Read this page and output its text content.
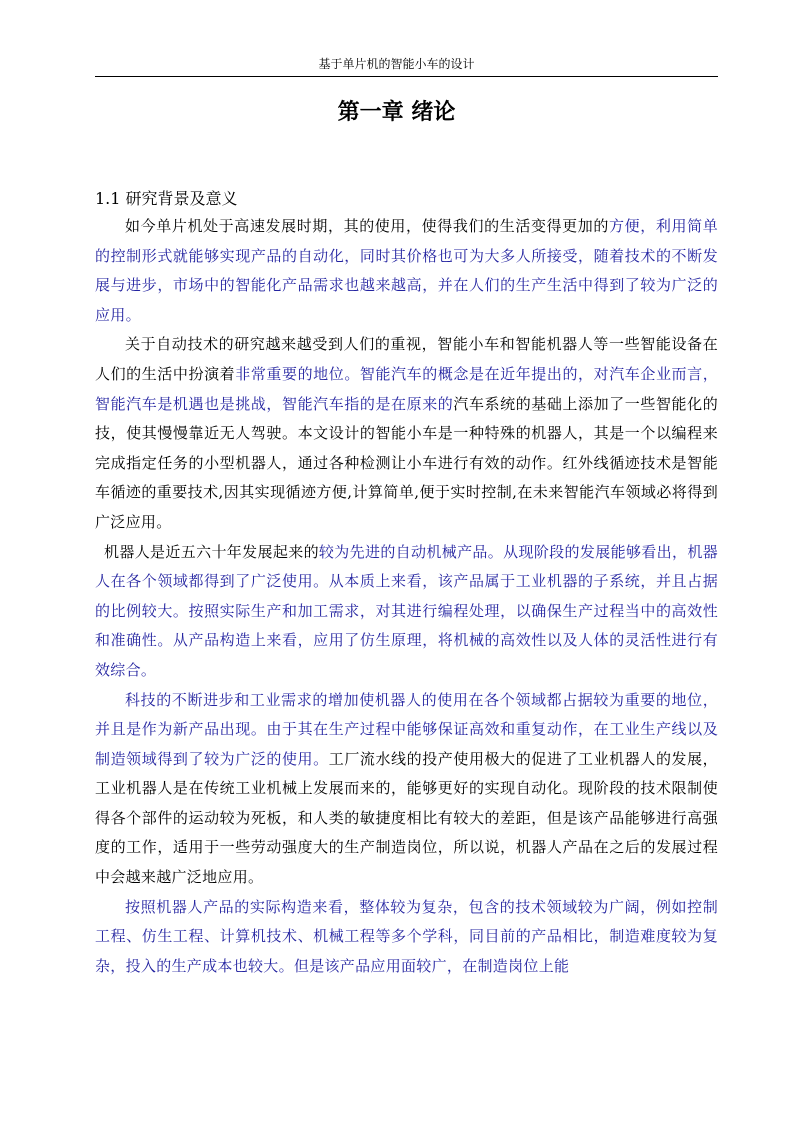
基于单片机的智能小车的设计
第一章 绪论
1.1 研究背景及意义

如今单片机处于高速发展时期，其的使用，使得我们的生活变得更加的方便，利用简单的控制形式就能够实现产品的自动化，同时其价格也可为大多人所接受，随着技术的不断发展与进步，市场中的智能化产品需求也越来越高，并在人们的生产生活中得到了较为广泛的应用。

关于自动技术的研究越来越受到人们的重视，智能小车和智能机器人等一些智能设备在人们的生活中扮演着非常重要的地位。智能汽车的概念是在近年提出的，对汽车企业而言，智能汽车是机遇也是挑战，智能汽车指的是在原来的汽车系统的基础上添加了一些智能化的技，使其慢慢靠近无人驾驶。本文设计的智能小车是一种特殊的机器人，其是一个以编程来完成指定任务的小型机器人，通过各种检测让小车进行有效的动作。红外线循迹技术是智能车循迹的重要技术,因其实现循迹方便,计算简单,便于实时控制,在未来智能汽车领域必将得到广泛应用。

机器人是近五六十年发展起来的较为先进的自动机械产品。从现阶段的发展能够看出，机器人在各个领域都得到了广泛使用。从本质上来看，该产品属于工业机器的子系统，并且占据的比例较大。按照实际生产和加工需求，对其进行编程处理，以确保生产过程当中的高效性和准确性。从产品构造上来看，应用了仿生原理，将机械的高效性以及人体的灵活性进行有效综合。

科技的不断进步和工业需求的增加使机器人的使用在各个领域都占据较为重要的地位，并且是作为新产品出现。由于其在生产过程中能够保证高效和重复动作，在工业生产线以及制造领域得到了较为广泛的使用。工厂流水线的投产使用极大的促进了工业机器人的发展，工业机器人是在传统工业机械上发展而来的，能够更好的实现自动化。现阶段的技术限制使得各个部件的运动较为死板，和人类的敏捷度相比有较大的差距，但是该产品能够进行高强度的工作，适用于一些劳动强度大的生产制造岗位，所以说，机器人产品在之后的发展过程中会越来越广泛地应用。

按照机器人产品的实际构造来看，整体较为复杂，包含的技术领域较为广阔，例如控制工程、仿生工程、计算机技术、机械工程等多个学科，同目前的产品相比，制造难度较为复杂，投入的生产成本也较大。但是该产品应用面较广，在制造岗位上能
